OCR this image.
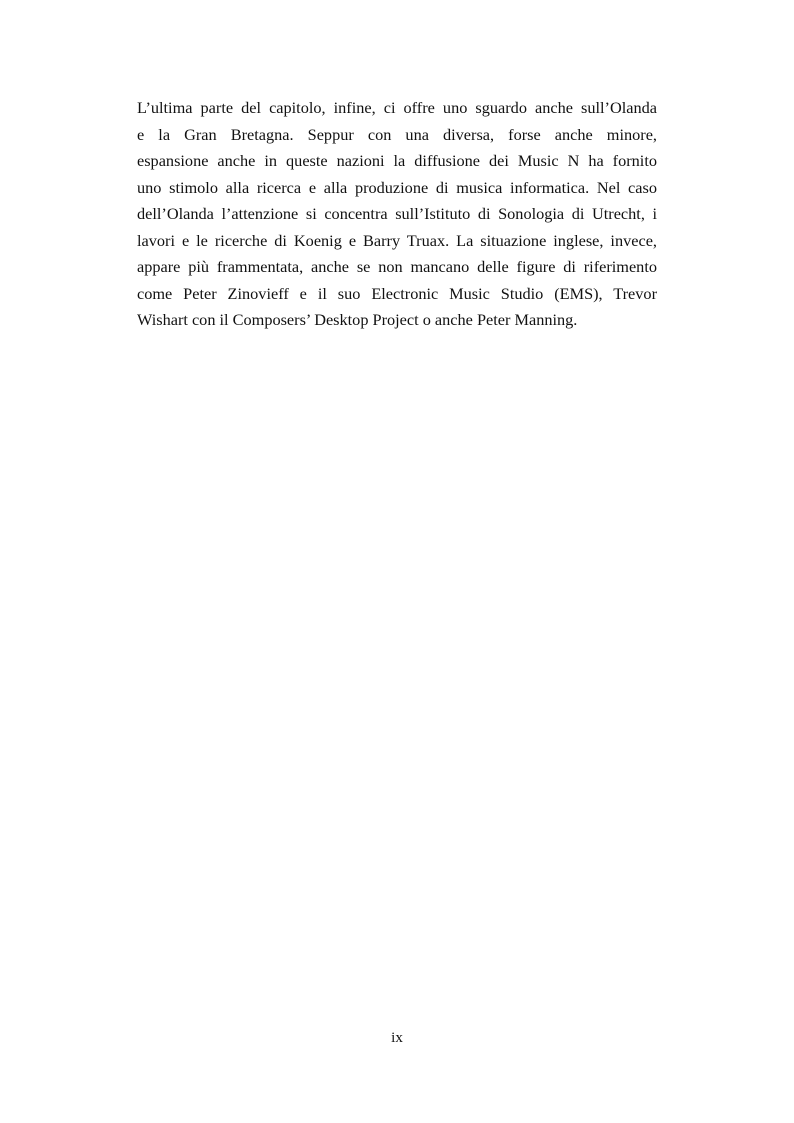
L’ultima parte del capitolo, infine, ci offre uno sguardo anche sull’Olanda
e la Gran Bretagna. Seppur con una diversa, forse anche minore,
espansione anche in queste nazioni la diffusione dei Music N ha fornito
uno stimolo alla ricerca e alla produzione di musica informatica. Nel caso
dell’Olanda l’attenzione si concentra sull’Istituto di Sonologia di Utrecht, i
lavori e le ricerche di Koenig e Barry Truax. La situazione inglese, invece,
appare più frammentata, anche se non mancano delle figure di riferimento
come Peter Zinovieff e il suo Electronic Music Studio (EMS), Trevor
Wishart con il Composers’ Desktop Project o anche Peter Manning.
ix
